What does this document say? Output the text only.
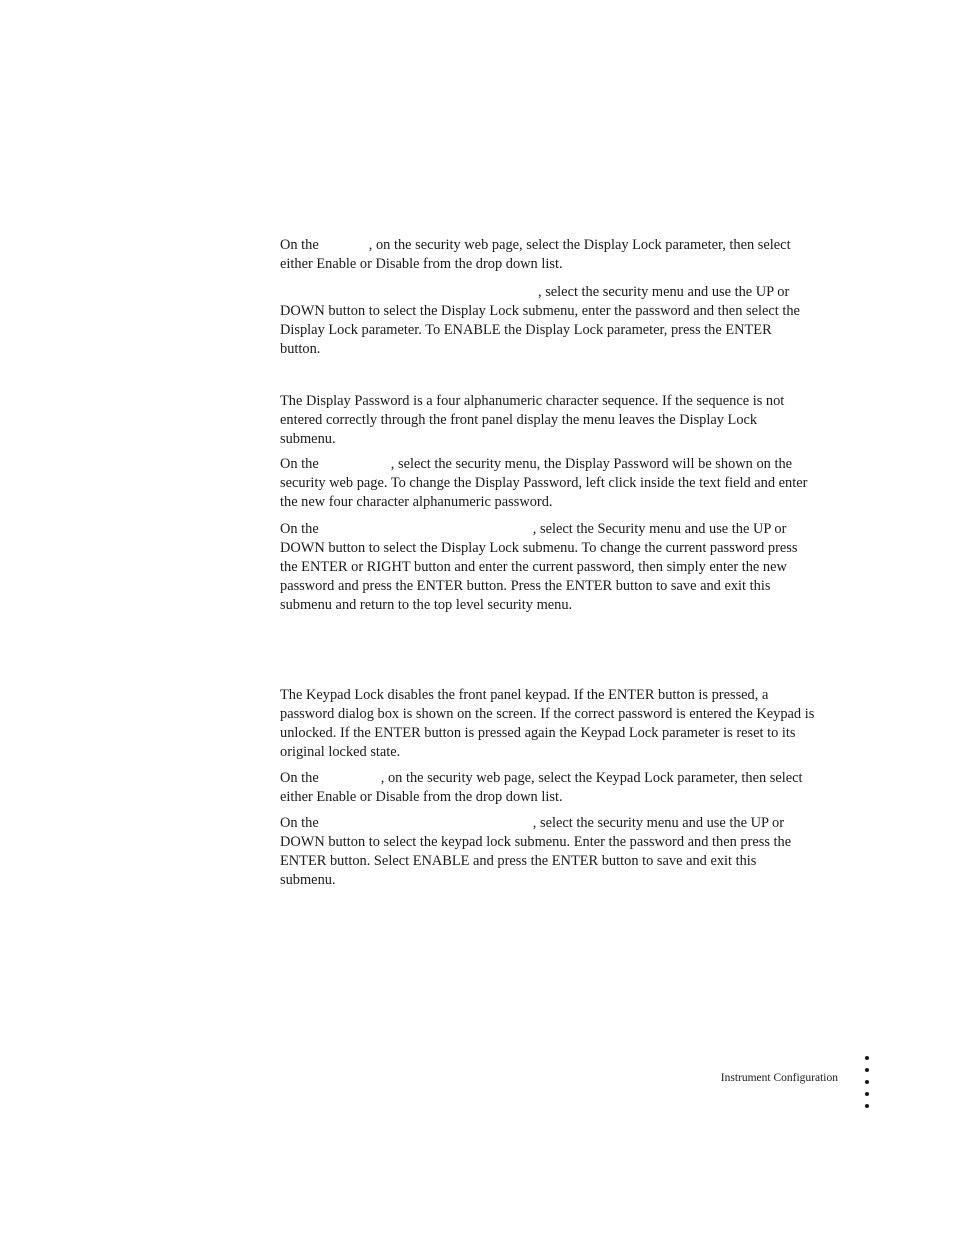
On the	, on the security web page, select the Display Lock parameter, then select either Enable or Disable from the drop down list.

, select the security menu and use the UP or DOWN button to select the Display Lock submenu, enter the password and then select the Display Lock parameter. To ENABLE the Display Lock parameter, press the ENTER button.

The Display Password is a four alphanumeric character sequence. If the sequence is not entered correctly through the front panel display the menu leaves the Display Lock submenu.

On the	, select the security menu, the Display Password will be shown on the security web page. To change the Display Password, left click inside the text field and enter the new four character alphanumeric password.

On the	, select the Security menu and use the UP or DOWN button to select the Display Lock submenu. To change the current password press the ENTER or RIGHT button and enter the current password, then simply enter the new password and press the ENTER button. Press the ENTER button to save and exit this submenu and return to the top level security menu.

The Keypad Lock disables the front panel keypad. If the ENTER button is pressed, a password dialog box is shown on the screen. If the correct password is entered the Keypad is unlocked. If the ENTER button is pressed again the Keypad Lock parameter is reset to its original locked state.

On the	, on the security web page, select the Keypad Lock parameter, then select either Enable or Disable from the drop down list.

On the	, select the security menu and use the UP or DOWN button to select the keypad lock submenu. Enter the password and then press the ENTER button. Select ENABLE and press the ENTER button to save and exit this submenu.

Instrument Configuration
